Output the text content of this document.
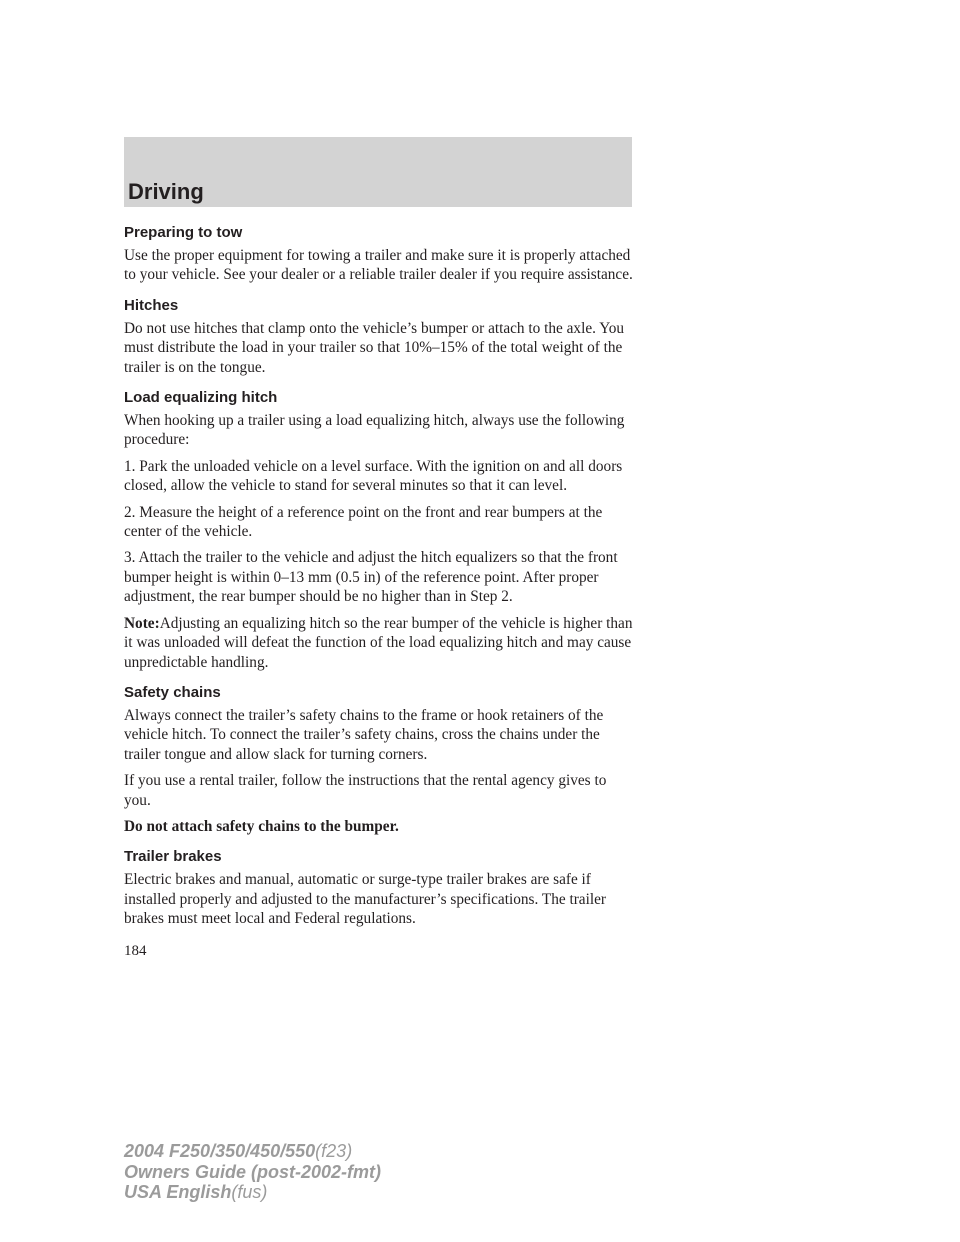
Driving
Preparing to tow

Use the proper equipment for towing a trailer and make sure it is properly attached to your vehicle. See your dealer or a reliable trailer dealer if you require assistance.

Hitches

Do not use hitches that clamp onto the vehicle’s bumper or attach to the axle. You must distribute the load in your trailer so that 10%–15% of the total weight of the trailer is on the tongue.

Load equalizing hitch

When hooking up a trailer using a load equalizing hitch, always use the following procedure:

1. Park the unloaded vehicle on a level surface. With the ignition on and all doors closed, allow the vehicle to stand for several minutes so that it can level.

2. Measure the height of a reference point on the front and rear bumpers at the center of the vehicle.

3. Attach the trailer to the vehicle and adjust the hitch equalizers so that the front bumper height is within 0–13 mm (0.5 in) of the reference point. After proper adjustment, the rear bumper should be no higher than in Step 2.

Note:Adjusting an equalizing hitch so the rear bumper of the vehicle is higher than it was unloaded will defeat the function of the load equalizing hitch and may cause unpredictable handling.

Safety chains

Always connect the trailer’s safety chains to the frame or hook retainers of the vehicle hitch. To connect the trailer’s safety chains, cross the chains under the trailer tongue and allow slack for turning corners.

If you use a rental trailer, follow the instructions that the rental agency gives to you.

Do not attach safety chains to the bumper.

Trailer brakes

Electric brakes and manual, automatic or surge-type trailer brakes are safe if installed properly and adjusted to the manufacturer’s specifications. The trailer brakes must meet local and Federal regulations.

184
2004 F250/350/450/550(f23)
Owners Guide (post-2002-fmt)
USA English(fus)
